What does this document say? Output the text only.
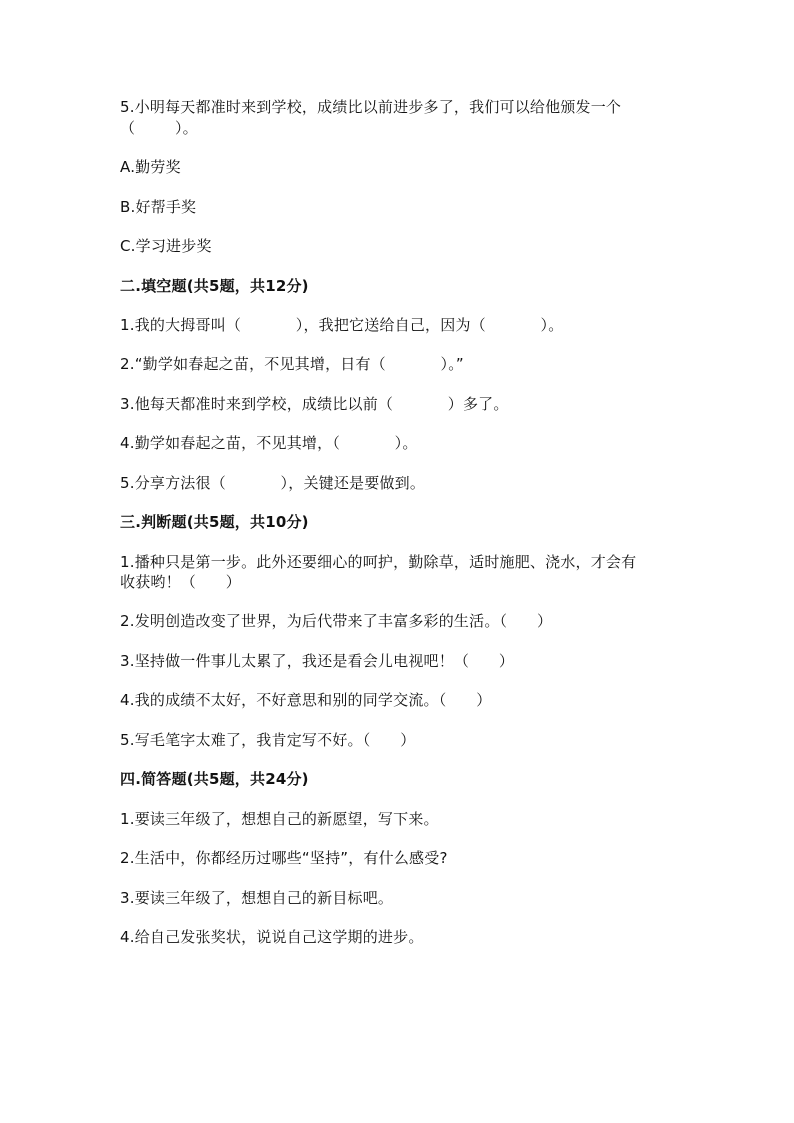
5.小明每天都准时来到学校，成绩比以前进步多了，我们可以给他颁发一个
（        ）。
A.勤劳奖
B.好帮手奖
C.学习进步奖
二.填空题(共5题，共12分)
1.我的大拇哥叫（           ），我把它送给自己，因为（           ）。
2.“勤学如春起之苗，不见其增，日有（           ）。”
3.他每天都准时来到学校，成绩比以前（           ）多了。
4.勤学如春起之苗，不见其增，（           ）。
5.分享方法很（           ），关键还是要做到。
三.判断题(共5题，共10分)
1.播种只是第一步。此外还要细心的呵护，勤除草，适时施肥、浇水，才会有
收获哟！（      ）
2.发明创造改变了世界，为后代带来了丰富多彩的生活。（      ）
3.坚持做一件事儿太累了，我还是看会儿电视吧！（      ）
4.我的成绩不太好，不好意思和别的同学交流。（      ）
5.写毛笔字太难了，我肯定写不好。（      ）
四.简答题(共5题，共24分)
1.要读三年级了，想想自己的新愿望，写下来。
2.生活中，你都经历过哪些“坚持”，有什么感受?
3.要读三年级了，想想自己的新目标吧。
4.给自己发张奖状，说说自己这学期的进步。
